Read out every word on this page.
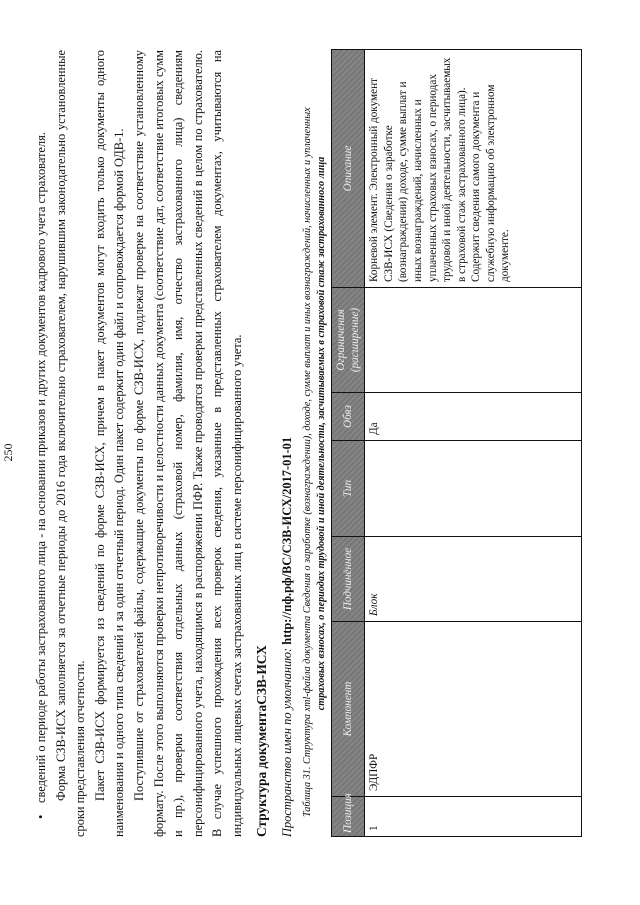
250
•сведений о периоде работы застрахованного лица - на основании приказов и других документов кадрового учета страхователя. Форма СЗВ-ИСХ заполняется за отчетные периоды до 2016 года включительно страхователем, нарушившим законодательно установленные сроки представления отчетности. Пакет СЗВ-ИСХ формируется из сведений по форме СЗВ-ИСХ, причем в пакет документов могут входить только документы одного наименования и одного типа сведений и за один отчетный период. Один пакет содержит один файл и сопровождается формой ОДВ-1. Поступившие от страхователей файлы, содержащие документы по форме СЗВ-ИСХ, подлежат проверке на соответствие установленному формату. После этого выполняются проверки непротиворечивости и целостности данных документа (соответствие дат, соответствие итоговых сумм и пр.), проверки соответствия отдельных данных (страховой номер, фамилия, имя, отчество застрахованного лица) сведениям персонифицированного учета, находящимся в распоряжении ПФР. Также проводятся проверки представленных сведений в целом по страхователю. В случае успешного прохождения всех проверок сведения, указанные в представленных страхователем документах, учитываются на индивидуальных лицевых счетах застрахованных лиц в системе персонифицированного учета. Структура документаСЗВ-ИСХ Пространство имен по умолчанию: http://пф.рф/ВС/СЗВ-ИСХ/2017-01-01 Таблица 31. Структура xml-файла документа Сведения о заработке (вознаграждении), доходе, сумме выплат и иных вознаграждений, начисленных и уплаченных страховых взносах, о периодах трудовой и иной деятельности, засчитываемых в страховой стаж застрахованного лица
Позиция	Компонент	Подчинённое	Тип	Обяз	Ограничения (расширение)	Описание
1	ЭДПФР	Блок		Да		Корневой элемент. Электронный документ СЗВ-ИСХ (Сведения о заработке (вознаграждении) доходе, сумме выплат и иных вознаграждений, начисленных и уплаченных страховых взносах, о периодах трудовой и иной деятельности, засчитываемых в страховой стаж застрахованного лица). Содержит сведения самого документа и служебную информацию об электронном документе.
